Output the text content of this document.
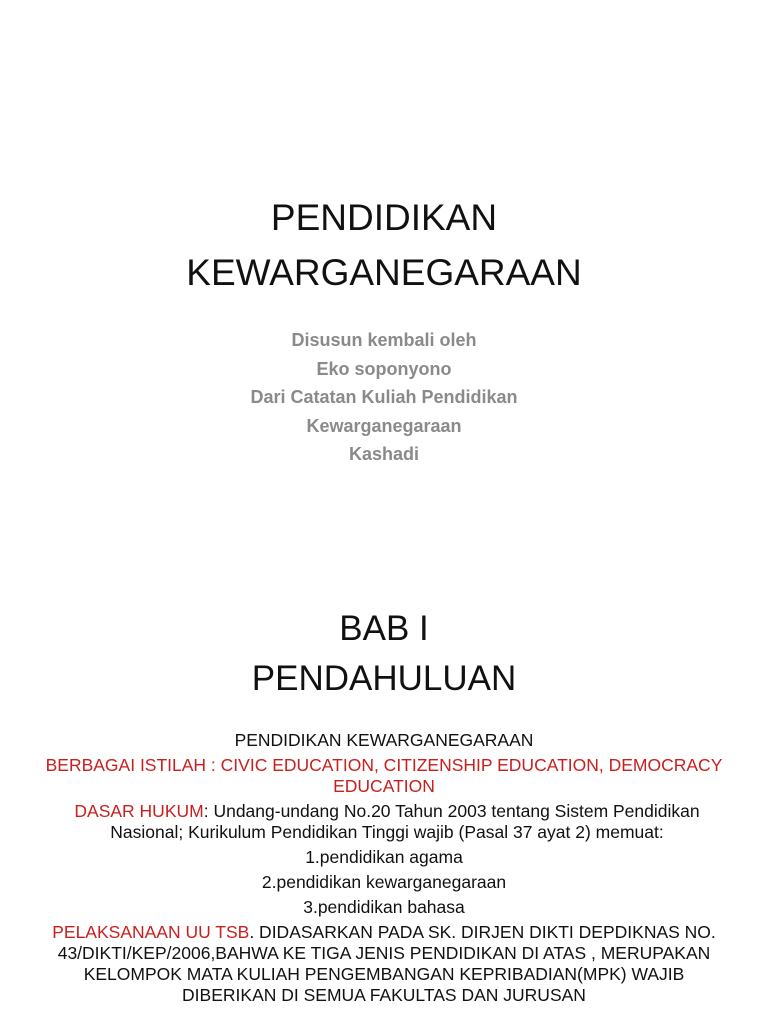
PENDIDIKAN
KEWARGANEGARAAN
Disusun kembali oleh
Eko soponyono
Dari Catatan Kuliah Pendidikan
Kewarganegaraan
Kashadi
BAB I
PENDAHULUAN
PENDIDIKAN KEWARGANEGARAAN
BERBAGAI ISTILAH : CIVIC EDUCATION, CITIZENSHIP EDUCATION, DEMOCRACY EDUCATION
DASAR HUKUM: Undang-undang No.20 Tahun 2003 tentang Sistem Pendidikan Nasional; Kurikulum Pendidikan Tinggi wajib (Pasal 37 ayat 2) memuat:
1.pendidikan agama
2.pendidikan kewarganegaraan
3.pendidikan bahasa
PELAKSANAAN UU TSB. DIDASARKAN PADA SK. DIRJEN DIKTI DEPDIKNAS NO. 43/DIKTI/KEP/2006,BAHWA KE TIGA JENIS PENDIDIKAN DI ATAS , MERUPAKAN KELOMPOK MATA KULIAH PENGEMBANGAN KEPRIBADIAN(MPK) WAJIB DIBERIKAN DI SEMUA FAKULTAS DAN JURUSAN
